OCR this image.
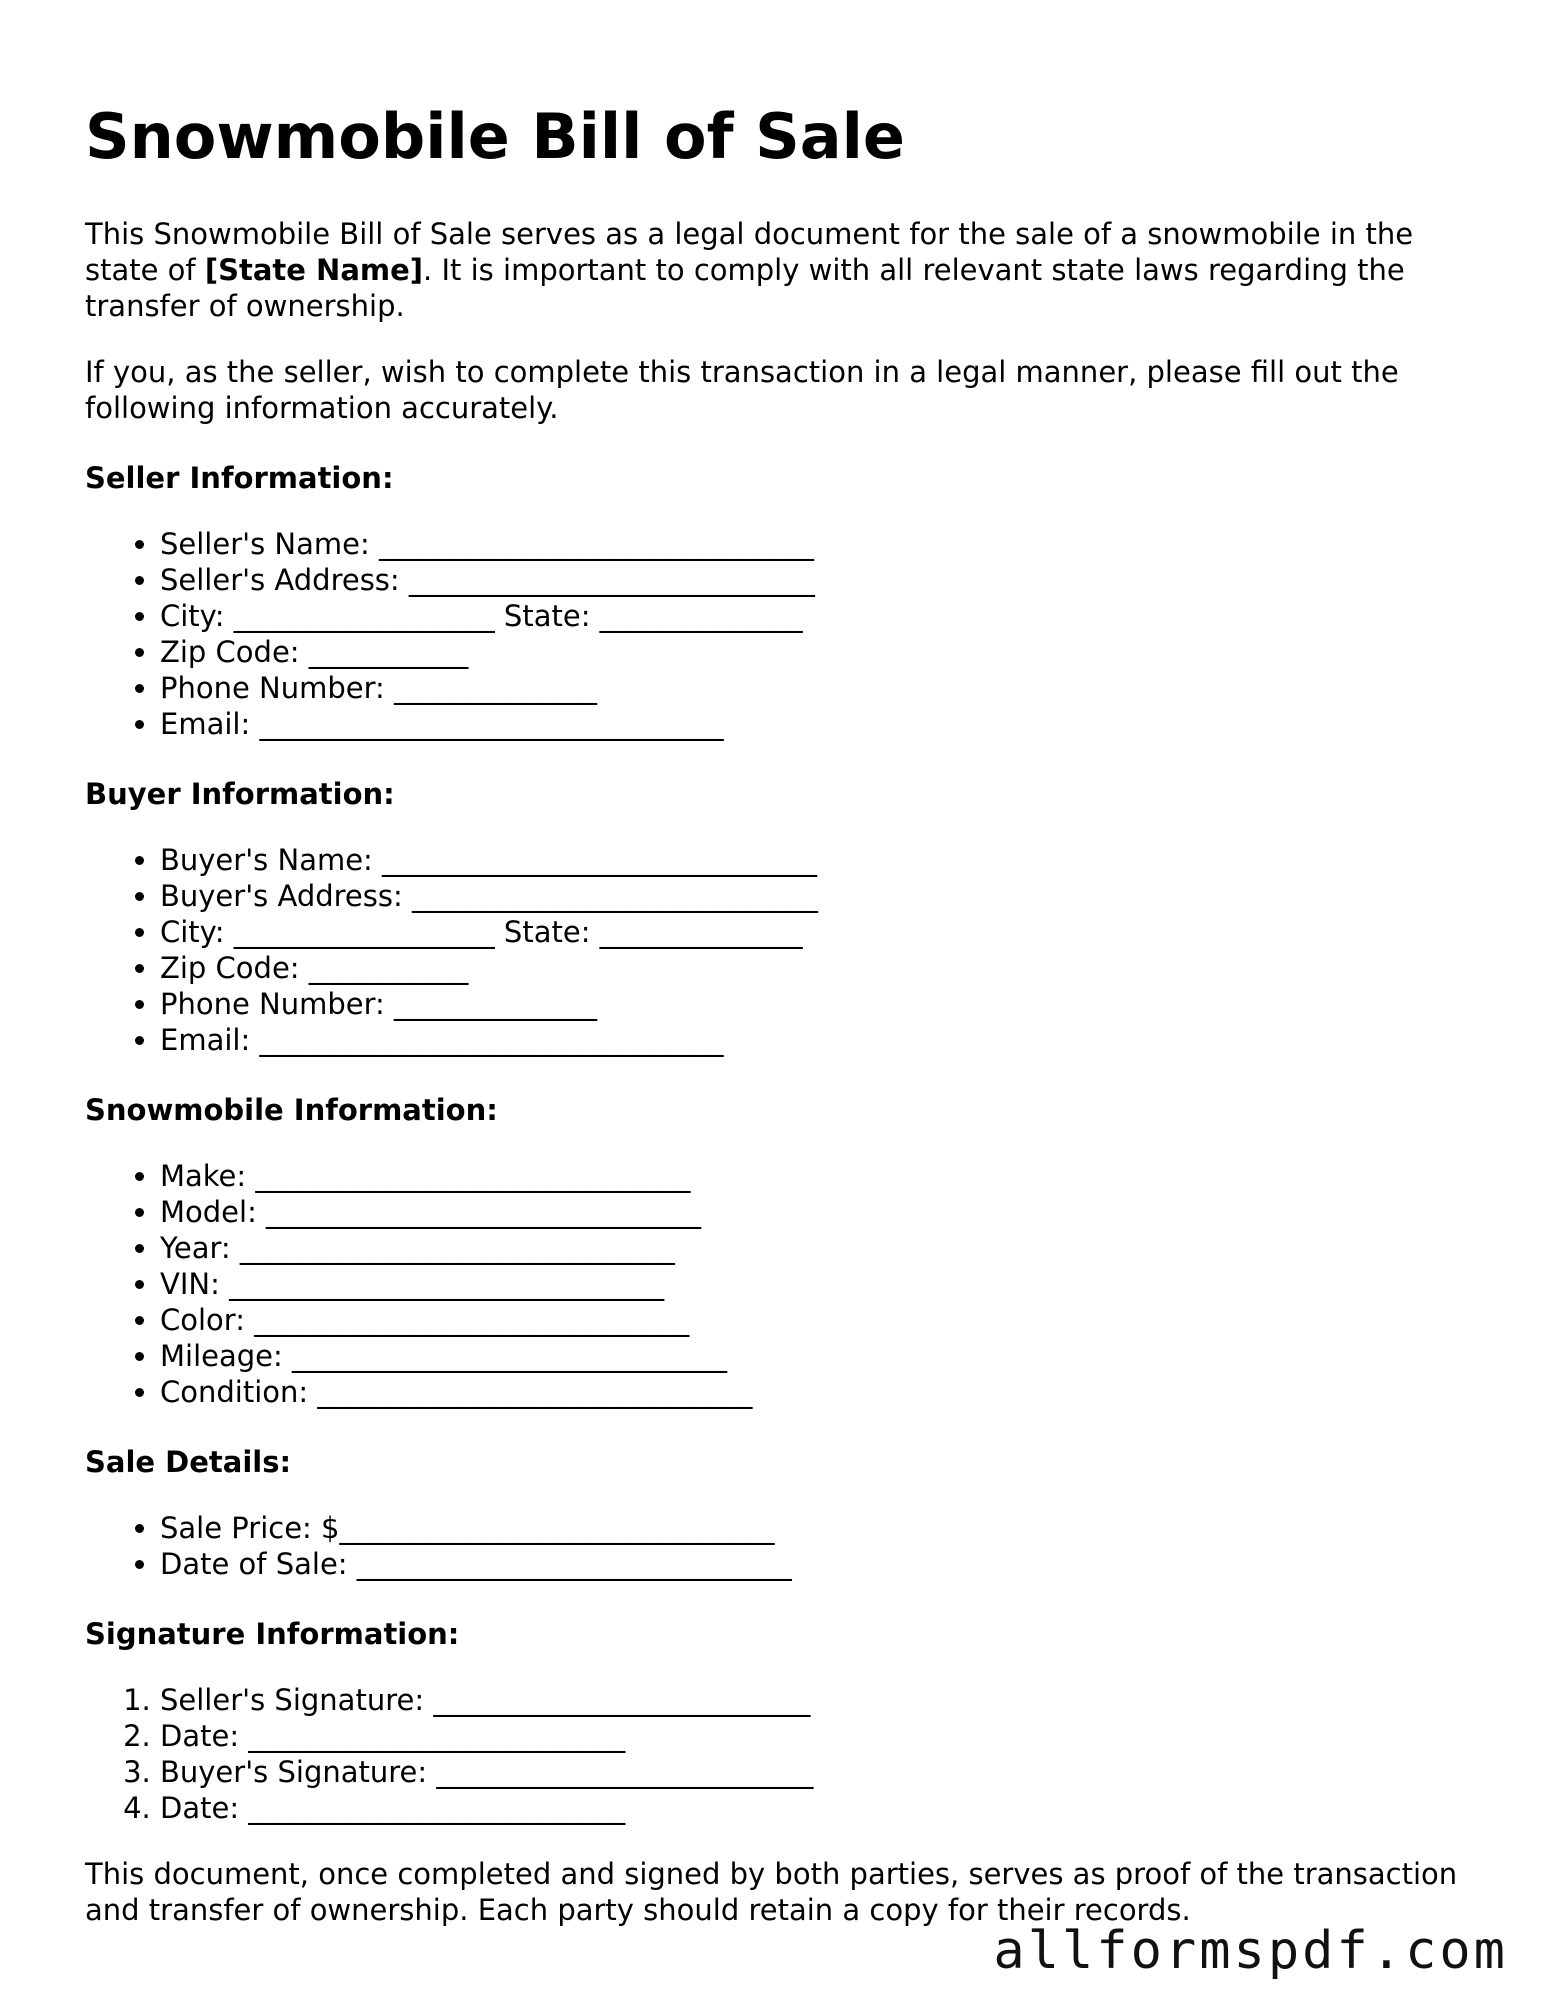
Snowmobile Bill of Sale

This Snowmobile Bill of Sale serves as a legal document for the sale of a snowmobile in the state of [State Name]. It is important to comply with all relevant state laws regarding the transfer of ownership.

If you, as the seller, wish to complete this transaction in a legal manner, please fill out the following information accurately.

Seller Information:
• Seller's Name: ______________________________
• Seller's Address: ____________________________
• City: __________________ State: ______________
• Zip Code: ___________
• Phone Number: ______________
• Email: ________________________________
Buyer Information:
• Buyer's Name: ______________________________
• Buyer's Address: ____________________________
• City: __________________ State: ______________
• Zip Code: ___________
• Phone Number: ______________
• Email: ________________________________
Snowmobile Information:
• Make: ______________________________
• Model: ______________________________
• Year: ______________________________
• VIN: ______________________________
• Color: ______________________________
• Mileage: ______________________________
• Condition: ______________________________
Sale Details:
• Sale Price: $______________________________
• Date of Sale: ______________________________
Signature Information:
1. Seller's Signature: __________________________
2. Date: __________________________
3. Buyer's Signature: __________________________
4. Date: __________________________

This document, once completed and signed by both parties, serves as proof of the transaction and transfer of ownership. Each party should retain a copy for their records.

allformspdf.com
